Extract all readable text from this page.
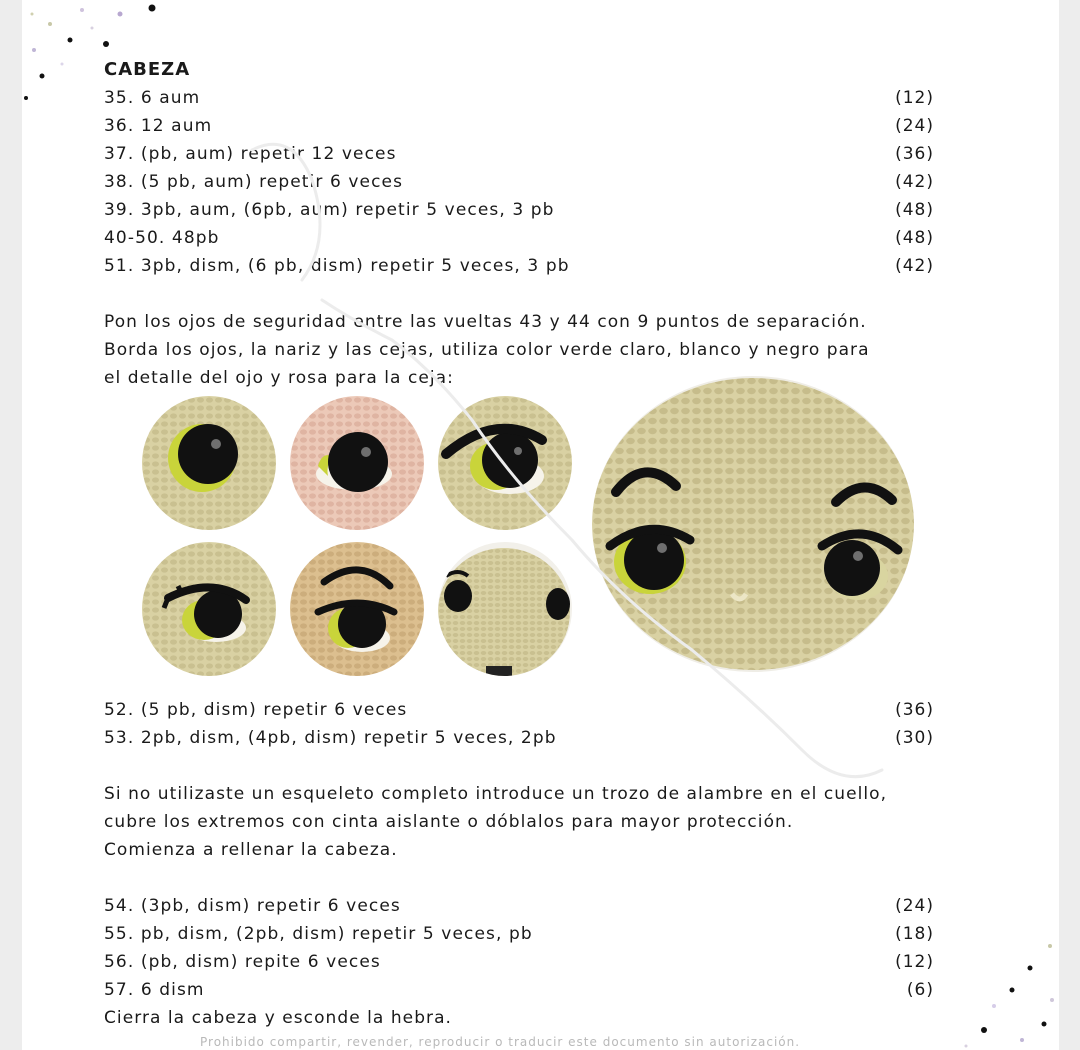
CABEZA
35. 6 aum	(12)
36. 12 aum	(24)
37. (pb, aum) repetir 12 veces	(36)
38. (5 pb, aum) repetir 6 veces	(42)
39. 3pb, aum, (6pb, aum) repetir 5 veces, 3 pb	(48)
40-50. 48pb	(48)
51. 3pb, dism, (6 pb, dism) repetir 5 veces, 3 pb	(42)
Pon los ojos de seguridad entre las vueltas 43 y 44 con 9 puntos de separación.
Borda los ojos, la nariz y las cejas, utiliza color verde claro, blanco y negro para
el detalle del ojo y rosa para la ceja:
52. (5 pb, dism) repetir 6 veces	(36)
53. 2pb, dism, (4pb, dism) repetir 5 veces, 2pb	(30)
Si no utilizaste un esqueleto completo introduce un trozo de alambre en el cuello,
cubre los extremos con cinta aislante o dóblalos para mayor protección.
Comienza a rellenar la cabeza.
54. (3pb, dism) repetir 6 veces	(24)
55. pb, dism, (2pb, dism) repetir 5 veces, pb	(18)
56. (pb, dism) repite 6 veces	(12)
57. 6 dism	(6)
Cierra la cabeza y esconde la hebra.
Prohibido compartir, revender, reproducir o traducir este documento sin autorización.
